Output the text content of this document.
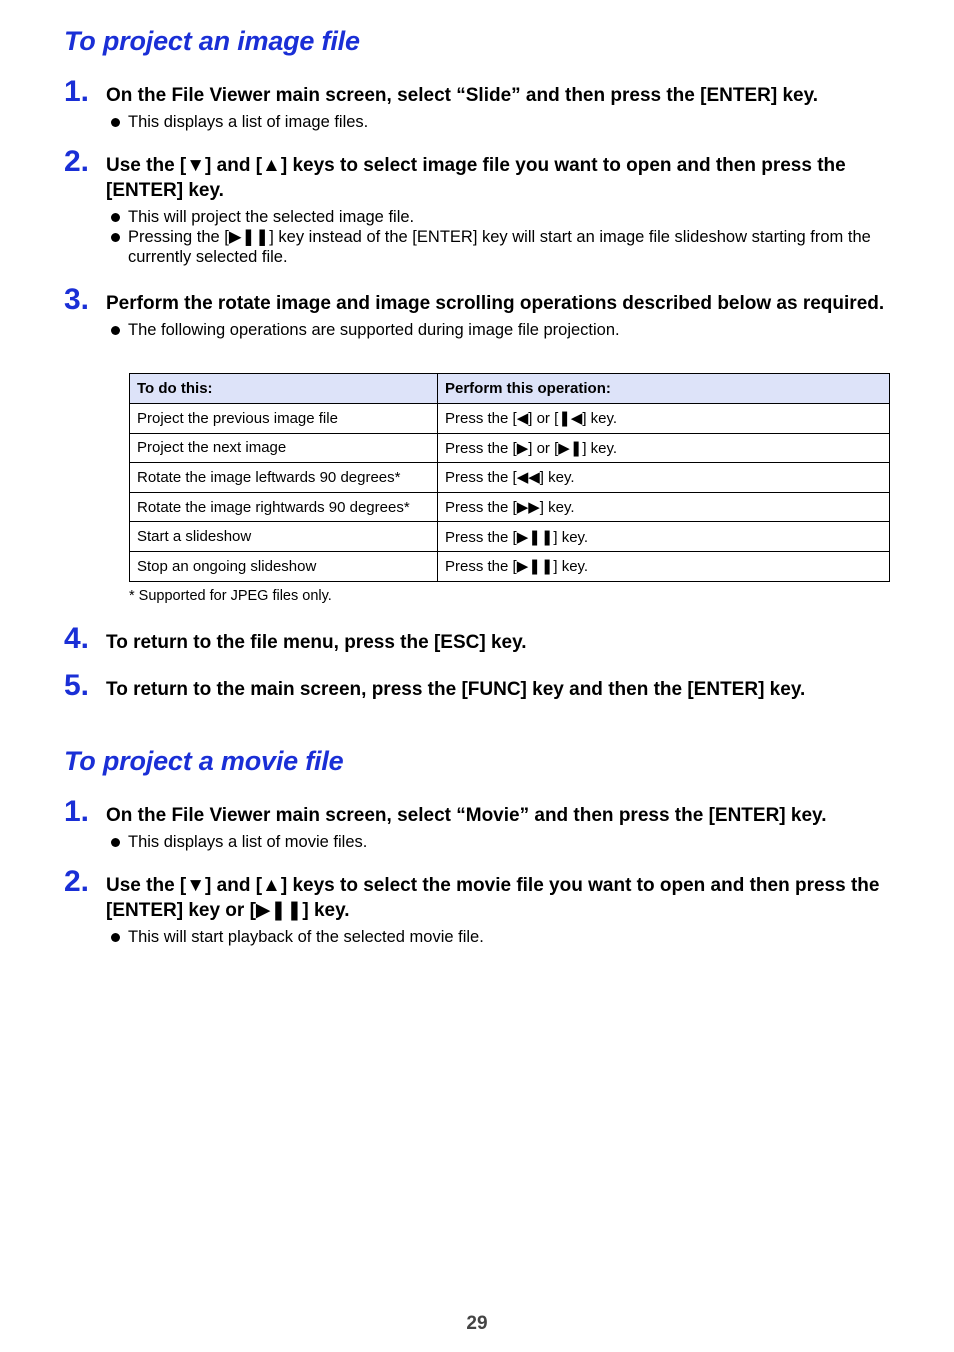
To project an image file
1. On the File Viewer main screen, select “Slide” and then press the [ENTER] key.
This displays a list of image files.
2. Use the [▼] and [▲] keys to select image file you want to open and then press the [ENTER] key.
This will project the selected image file.
Pressing the [▶❚❚] key instead of the [ENTER] key will start an image file slideshow starting from the currently selected file.
3. Perform the rotate image and image scrolling operations described below as required.
The following operations are supported during image file projection.
To do this:	Perform this operation:
Project the previous image file	Press the [◀] or [❚◀] key.
Project the next image	Press the [▶] or [▶❚] key.
Rotate the image leftwards 90 degrees*	Press the [◀◀] key.
Rotate the image rightwards 90 degrees*	Press the [▶▶] key.
Start a slideshow	Press the [▶❚❚] key.
Stop an ongoing slideshow	Press the [▶❚❚] key.
* Supported for JPEG files only.
4. To return to the file menu, press the [ESC] key.
5. To return to the main screen, press the [FUNC] key and then the [ENTER] key.
To project a movie file
1. On the File Viewer main screen, select “Movie” and then press the [ENTER] key.
This displays a list of movie files.
2. Use the [▼] and [▲] keys to select the movie file you want to open and then press the [ENTER] key or [▶❚❚] key.
This will start playback of the selected movie file.
29
